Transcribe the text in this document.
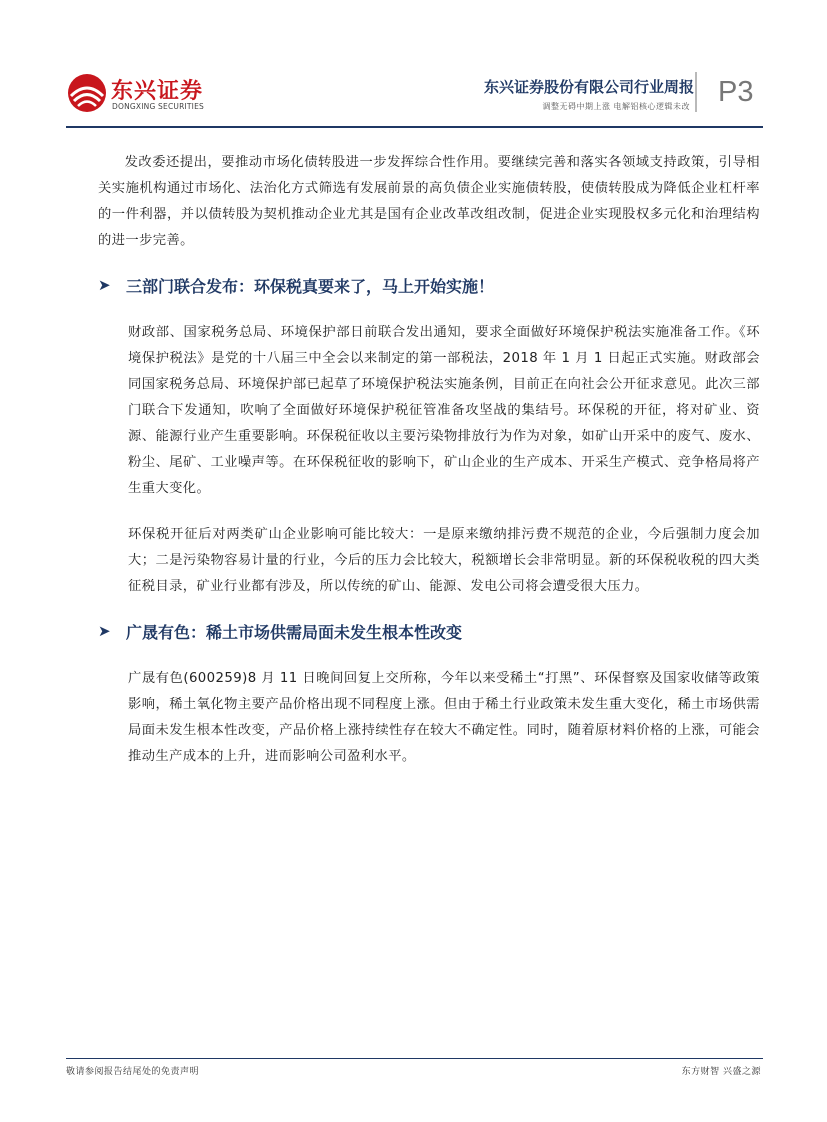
东兴证券
DONGXING SECURITIES
东兴证券股份有限公司行业周报
调整无碍中期上涨 电解铝核心逻辑未改 P3

发改委还提出，要推动市场化债转股进一步发挥综合性作用。要继续完善和落实各领域支持政策，引导相关实施机构通过市场化、法治化方式筛选有发展前景的高负债企业实施债转股，使债转股成为降低企业杠杆率的一件利器，并以债转股为契机推动企业尤其是国有企业改革改组改制，促进企业实现股权多元化和治理结构的进一步完善。

➤ 三部门联合发布：环保税真要来了，马上开始实施！

财政部、国家税务总局、环境保护部日前联合发出通知，要求全面做好环境保护税法实施准备工作。《环境保护税法》是党的十八届三中全会以来制定的第一部税法，2018 年 1 月 1 日起正式实施。财政部会同国家税务总局、环境保护部已起草了环境保护税法实施条例，目前正在向社会公开征求意见。此次三部门联合下发通知，吹响了全面做好环境保护税征管准备攻坚战的集结号。环保税的开征，将对矿业、资源、能源行业产生重要影响。环保税征收以主要污染物排放行为作为对象，如矿山开采中的废气、废水、粉尘、尾矿、工业噪声等。在环保税征收的影响下，矿山企业的生产成本、开采生产模式、竞争格局将产生重大变化。

环保税开征后对两类矿山企业影响可能比较大：一是原来缴纳排污费不规范的企业，今后强制力度会加大；二是污染物容易计量的行业，今后的压力会比较大，税额增长会非常明显。新的环保税收税的四大类征税目录，矿业行业都有涉及，所以传统的矿山、能源、发电公司将会遭受很大压力。

➤ 广晟有色：稀土市场供需局面未发生根本性改变

广晟有色(600259)8 月 11 日晚间回复上交所称，今年以来受稀土“打黑”、环保督察及国家收储等政策影响，稀土氧化物主要产品价格出现不同程度上涨。但由于稀土行业政策未发生重大变化，稀土市场供需局面未发生根本性改变，产品价格上涨持续性存在较大不确定性。同时，随着原材料价格的上涨，可能会推动生产成本的上升，进而影响公司盈利水平。

敬请参阅报告结尾处的免责声明	东方财智 兴盛之源
